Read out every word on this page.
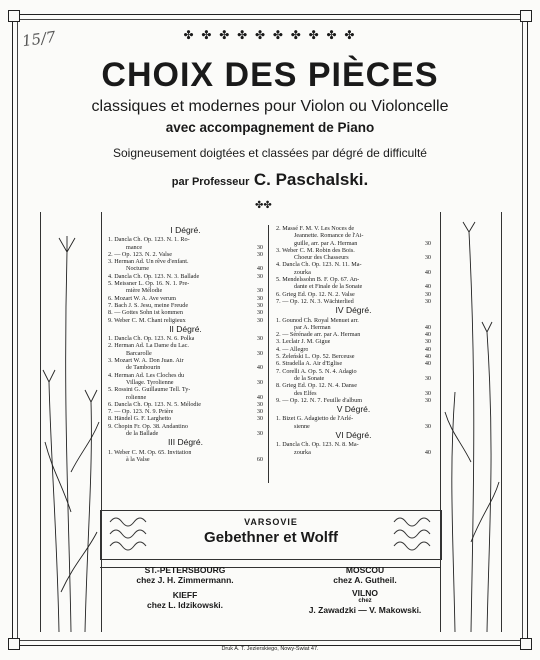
15/7	✤ ✤ ✤ ✤ ✤ ✤ ✤ ✤ ✤ ✤
CHOIX DES PIÈCES
classiques et modernes pour Violon ou Violoncelle
avec accompagnement de Piano
Soigneusement doigtées et classées par dégré de difficulté
par Professeur C. Paschalski.
✤✤
I Dégré.
1. Dancla Ch. Op. 123. N. 1. Ro-
mance	30
2. — Op. 123. N. 2. Valse	30
3. Herman Ad. Un rêve d'enfant.
Nocturne	40
4. Dancla Ch. Op. 123. N. 3. Ballade	30
5. Meissner L. Op. 16. N. 1. Pre-
mière Mélodie	30
6. Mozart W. A. Ave verum	30
7. Bach J. S. Jesu, meine Freude	30
8. — Gottes Sohn ist kommen	30
9. Weber C. M. Chant religieux	30
II Dégré.
1. Dancla Ch. Op. 123. N. 6. Polka	30
2. Herman Ad. La Dame du Lac.
Barcarolle	30
3. Mozart W. A. Don Juan. Air
de Tambourin	40
4. Herman Ad. Les Cloches du
Village. Tyrolienne	30
5. Rossini G. Guillaume Tell. Ty-
rolienne	40
6. Dancla Ch. Op. 123. N. 5. Mélodie	30
7. — Op. 123. N. 9. Prière	30
8. Händel G. F. Larghetto	30
9. Chopin Fr. Op. 38. Andantino
de la Ballade	30
III Dégré.
1. Weber C. M. Op. 65. Invitation
à la Valse	60
2. Massé F. M. V. Les Noces de
Jeannette. Romance de l'Ai-
guille, arr. par A. Herman	30
3. Weber C. M. Robin des Bois.
Choeur des Chasseurs	30
4. Dancla Ch. Op. 123. N. 11. Ma-
zourka	40
5. Mendelssohn B. F. Op. 67. An-
dante et Finale de la Sonate	40
6. Grieg Ed. Op. 12. N. 2. Valse	30
7. — Op. 12. N. 3. Wächterlied	30
IV Dégré.
1. Gounod Ch. Royal Menuet arr.
par A. Herman	40
2. — Sérénade arr. par A. Herman	40
3. Leclair J. M. Gigue	30
4. — Allegro	40
5. Żeleński L. Op. 52. Berceuse	40
6. Stradella A. Air d'Eglise	40
7. Corelli A. Op. 5. N. 4. Adagio
de la Sonate	30
8. Grieg Ed. Op. 12. N. 4. Danse
des Elfes	30
9. — Op. 12. N. 7. Feuille d'album	30
V Dégré.
1. Bizet G. Adagietto de l'Arlé-
sienne	30
VI Dégré.
1. Dancla Ch. Op. 123. N. 8. Ma-
zourka	40
VARSOVIE
Gebethner et Wolff
ST.-PETERSBOURG
chez J. H. Zimmermann.
MOSCOU
chez A. Gutheil.
KIEFF
chez L. Idzikowski.
VILNO
chez
J. Zawadzki — V. Makowski.
Druk A. T. Jezierskiego, Nowy-Świat 47.
